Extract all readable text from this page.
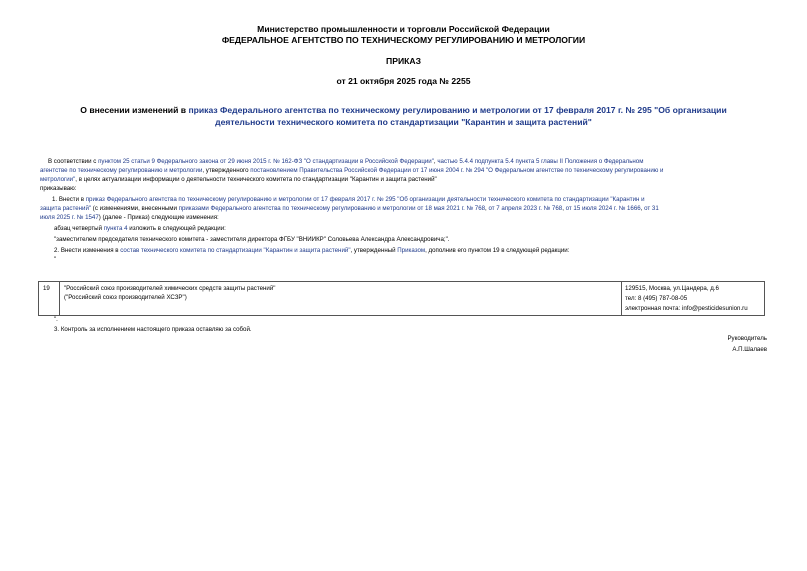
Министерство промышленности и торговли Российской Федерации
ФЕДЕРАЛЬНОЕ АГЕНТСТВО ПО ТЕХНИЧЕСКОМУ РЕГУЛИРОВАНИЮ И МЕТРОЛОГИИ
ПРИКАЗ
от 21 октября 2025 года № 2255
О внесении изменений в приказ Федерального агентства по техническому регулированию и метрологии от 17 февраля 2017 г. № 295 "Об организации
деятельности технического комитета по стандартизации "Карантин и защита растений"
В соответствии с пунктом 25 статьи 9 Федерального закона от 29 июня 2015 г. № 162-ФЗ "О стандартизации в Российской Федерации", частью 5.4.4 подпункта 5.4 пункта 5 главы II Положения о Федеральном
агентстве по техническому регулированию и метрологии, утвержденного постановлением Правительства Российской Федерации от 17 июня 2004 г. № 294 "О Федеральном агентстве по техническому регулированию и
метрологии", в целях актуализации информации о деятельности технического комитета по стандартизации "Карантин и защита растений"
приказываю:
1. Внести в приказ Федерального агентства по техническому регулированию и метрологии от 17 февраля 2017 г. № 295 "Об организации деятельности технического комитета по стандартизации "Карантин и
защита растений" (с изменениями, внесенными приказами Федерального агентства по техническому регулированию и метрологии от 18 мая 2021 г. № 768, от 7 апреля 2023 г. № 768, от 15 июля 2024 г. № 1666, от 31
июля 2025 г. № 1547) (далее - Приказ) следующие изменения:
абзац четвертый пункта 4 изложить в следующей редакции:
"заместителем председателя технического комитета - заместителя директора ФГБУ "ВНИИКР" Соловьева Александра Александровича;".
2. Внести изменения в состав технического комитета по стандартизации "Карантин и защита растений", утвержденный Приказом, дополнив его пунктом 19 в следующей редакции:
"
19 "Российский союз производителей химических средств защиты растений"
("Российский союз производителей ХСЗР")
129515, Москва, ул.Цандера, д.6
тел: 8 (495) 787-08-05
электронная почта: info@pesticidesunion.ru
".
3. Контроль за исполнением настоящего приказа оставляю за собой.
Руководитель
А.П.Шалаев
